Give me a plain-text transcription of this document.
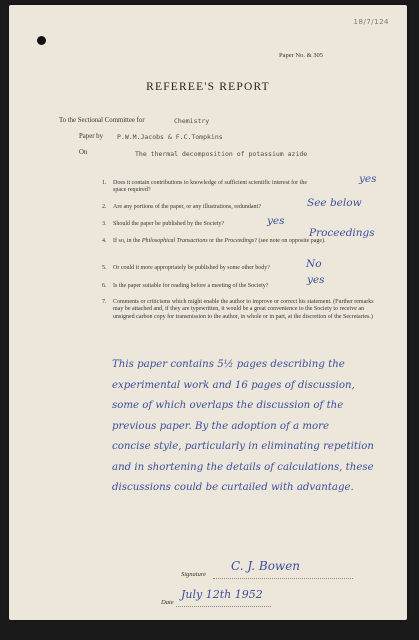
18/7/124
Paper No. & 305
REFEREE'S REPORT
To the Sectional Committee for	Chemistry
Paper by P.W.M.Jacobs & F.C.Tompkins
On	The thermal decomposition of potassium azide
1. Does it contain contributions to knowledge of sufficient scientific interest for the space required?
yes
2. Are any portions of the paper, or any illustrations, redundant?	See below
3. Should the paper be published by the Society?	yes
4. If so, in the Philosophical Transactions or the Proceedings? (see note on opposite page).
Proceedings
5. Or could it more appropriately be published by some other body?	No
6. Is the paper suitable for reading before a meeting of the Society?	yes
7. Comments or criticisms which might enable the author to improve or correct his statement. (Further remarks may be attached and, if they are typewritten, it would be a great convenience to the Society to receive an unsigned carbon copy for transmission to the author, in whole or in part, at the discretion of the Secretaries.)
This paper contains 5½ pages describing the
experimental work and 16 pages of discussion,
some of which overlaps the discussion of the
previous paper. By the adoption of a more
concise style, particularly in eliminating repetition
and in shortening the details of calculations, these
discussions could be curtailed with advantage.
Signature
C. J. Bowen
Date
July 12th 1952
